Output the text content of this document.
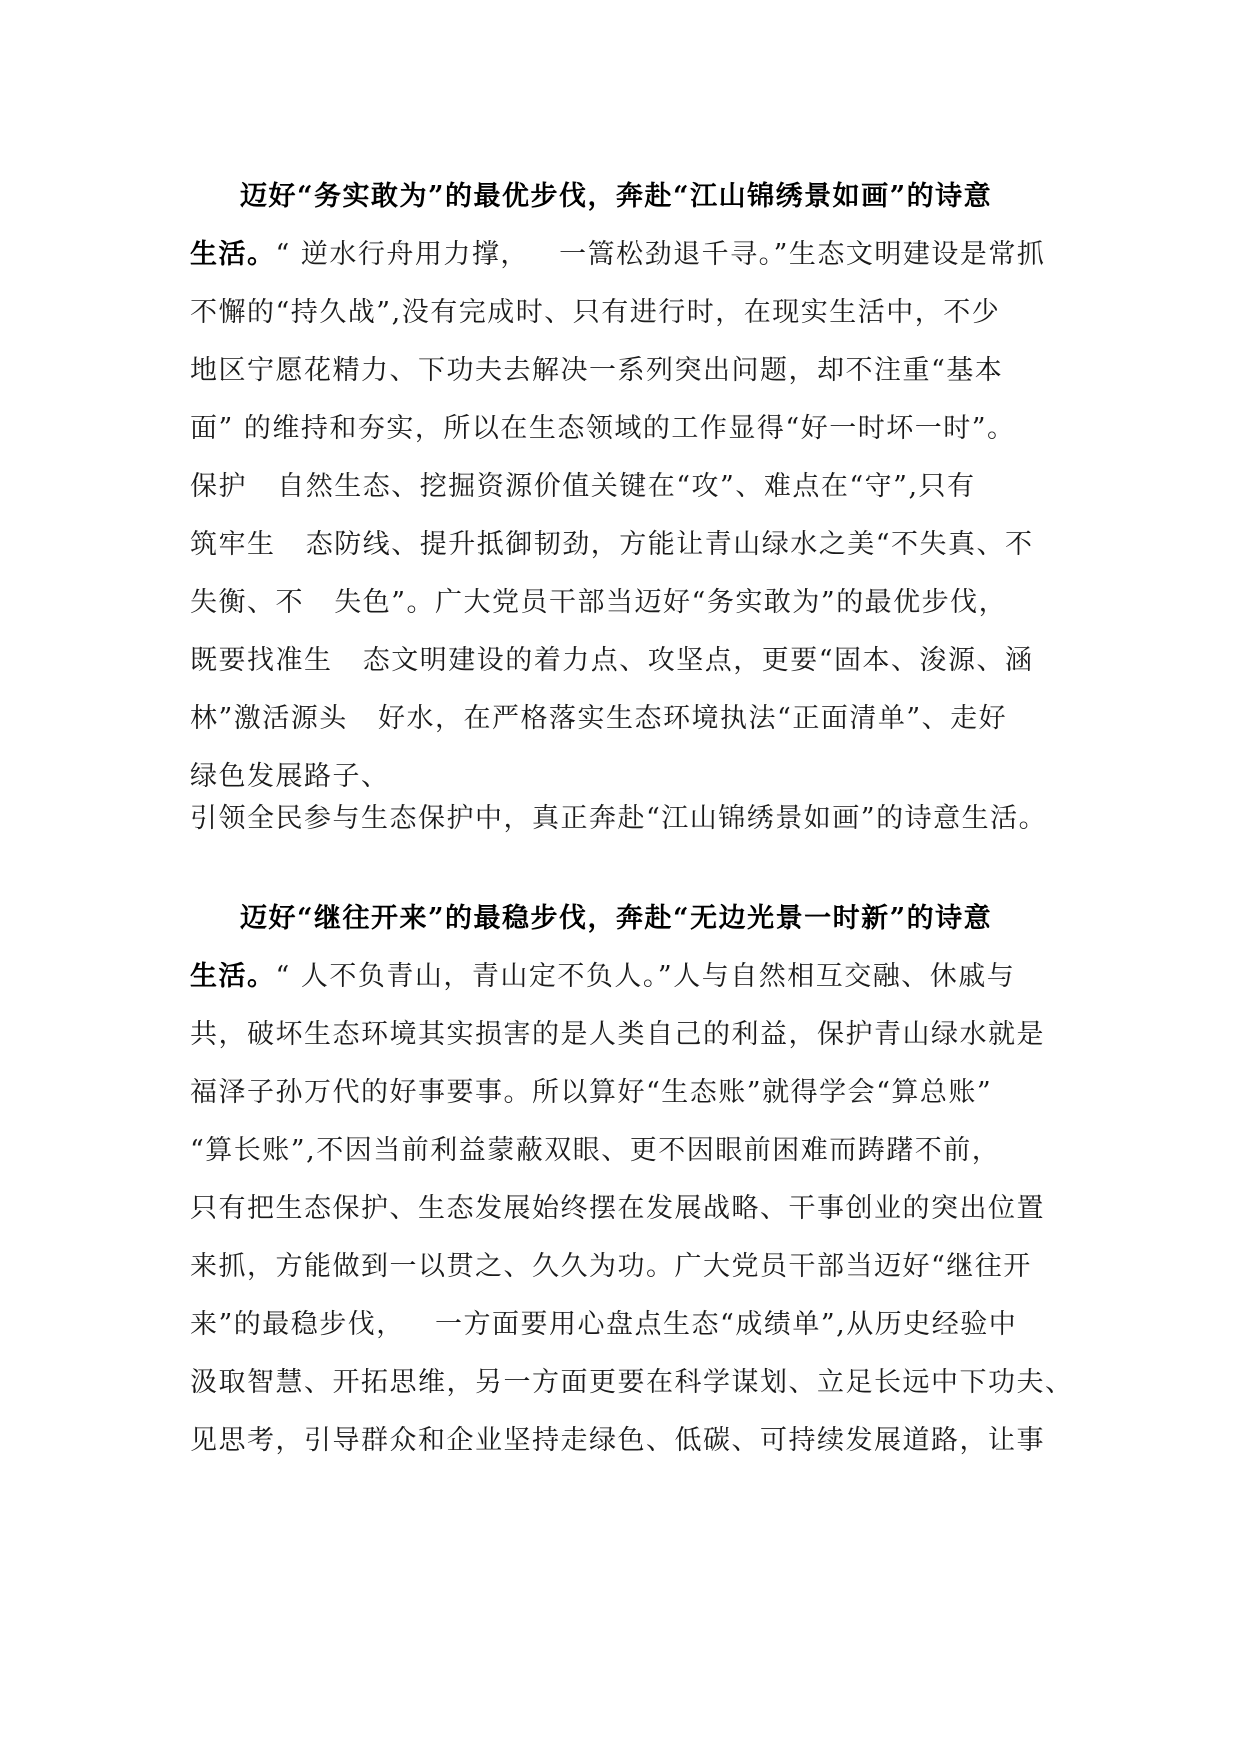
迈好“务实敢为”的最优步伐，奔赴“江山锦绣景如画”的诗意
生活。“ 逆水行舟用力撑，   一篙松劲退千寻。”生态文明建设是常抓
不懈的“持久战”,没有完成时、只有进行时，在现实生活中，不少
地区宁愿花精力、下功夫去解决一系列突出问题，却不注重“基本
面” 的维持和夯实，所以在生态领域的工作显得“好一时坏一时”。
保护   自然生态、挖掘资源价值关键在“攻”、难点在“守”,只有
筑牢生   态防线、提升抵御韧劲，方能让青山绿水之美“不失真、不
失衡、不   失色”。广大党员干部当迈好“务实敢为”的最优步伐，
既要找准生   态文明建设的着力点、攻坚点，更要“固本、浚源、涵
林”激活源头   好水，在严格落实生态环境执法“正面清单”、走好
绿色发展路子、
引领全民参与生态保护中，真正奔赴“江山锦绣景如画”的诗意生活。
迈好“继往开来”的最稳步伐，奔赴“无边光景一时新”的诗意
生活。“ 人不负青山，青山定不负人。”人与自然相互交融、休戚与
共，破坏生态环境其实损害的是人类自己的利益，保护青山绿水就是
福泽子孙万代的好事要事。所以算好“生态账”就得学会“算总账”
“算长账”,不因当前利益蒙蔽双眼、更不因眼前困难而踌躇不前，
只有把生态保护、生态发展始终摆在发展战略、干事创业的突出位置
来抓，方能做到一以贯之、久久为功。广大党员干部当迈好“继往开
来”的最稳步伐，   一方面要用心盘点生态“成绩单”,从历史经验中
汲取智慧、开拓思维，另一方面更要在科学谋划、立足长远中下功夫、
见思考，引导群众和企业坚持走绿色、低碳、可持续发展道路，让事
